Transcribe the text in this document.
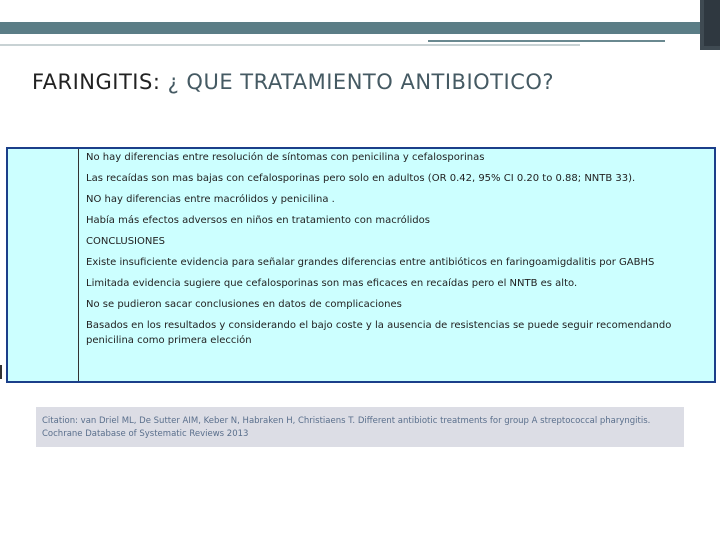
FARINGITIS: ¿ QUE TRATAMIENTO ANTIBIOTICO?

No hay diferencias entre resolución de síntomas con penicilina y cefalosporinas

Las recaídas son mas bajas con cefalosporinas pero solo en adultos (OR 0.42, 95% CI 0.20 to 0.88; NNTB 33).

NO hay diferencias entre macrólidos y penicilina .

Había más efectos adversos en niños en tratamiento con macrólidos

CONCLUSIONES

Existe insuficiente evidencia para señalar grandes diferencias entre antibióticos en faringoamigdalitis por GABHS

Limitada evidencia sugiere que cefalosporinas son mas eficaces en recaídas pero el NNTB es alto.

No se pudieron sacar conclusiones en datos de complicaciones

Basados en los resultados y considerando el bajo coste y la ausencia de resistencias se puede seguir recomendando penicilina como primera elección

Citation: van Driel ML, De Sutter AIM, Keber N, Habraken H, Christiaens T. Different antibiotic treatments for group A streptococcal pharyngitis. Cochrane Database of Systematic Reviews 2013
